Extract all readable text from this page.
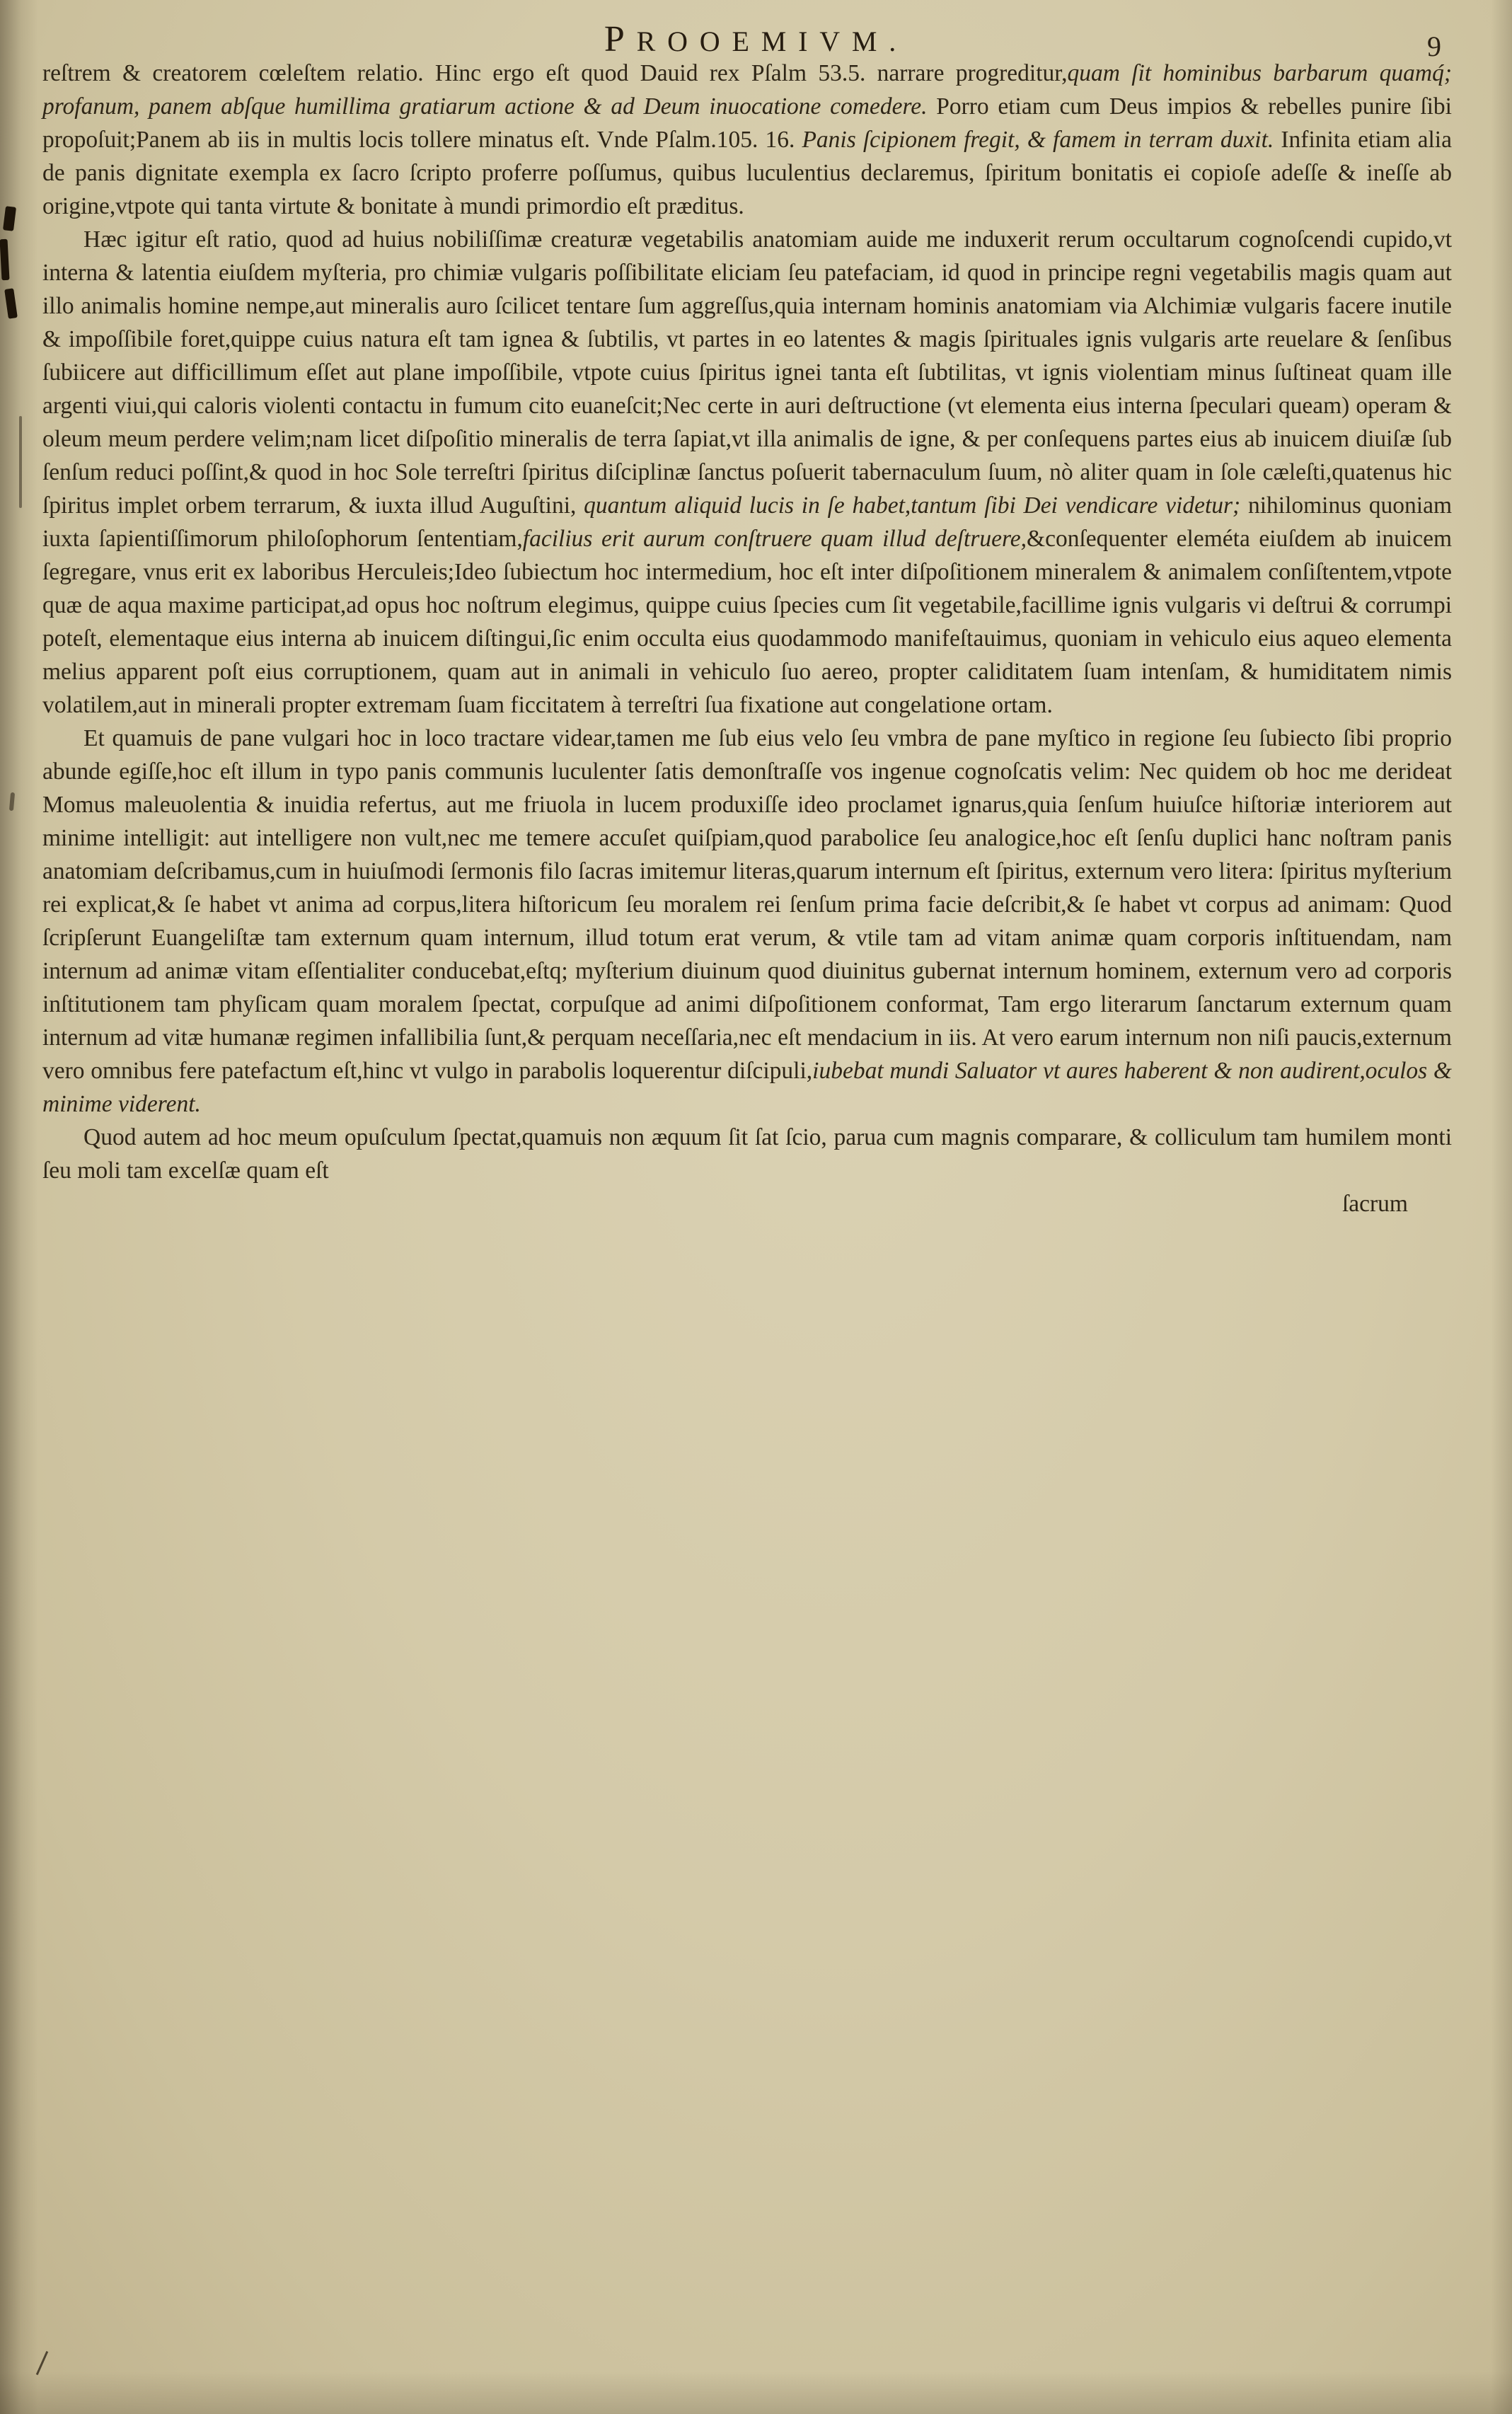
PROOEMIVM.	9

reſtrem & creatorem cœleſtem relatio. Hinc ergo eſt quod Dauid rex Pſalm 53.5. narrare progreditur,quam ſit hominibus barbarum quamq́; profanum, panem abſque humillima gratiarum actione & ad Deum inuocatione comedere. Porro etiam cum Deus impios & rebelles punire ſibi propoſuit;Panem ab iis in multis locis tollere minatus eſt. Vnde Pſalm.105. 16. Panis ſcipionem fregit, & famem in terram duxit. Infinita etiam alia de panis dignitate exempla ex ſacro ſcripto proferre poſſumus, quibus luculentius declaremus, ſpiritum bonitatis ei copioſe adeſſe & ineſſe ab origine,vtpote qui tanta virtute & bonitate à mundi primordio eſt præditus.

Hæc igitur eſt ratio, quod ad huius nobiliſſimæ creaturæ vegetabilis anatomiam auide me induxerit rerum occultarum cognoſcendi cupido,vt interna & latentia eiuſdem myſteria, pro chimiæ vulgaris poſſibilitate eliciam ſeu patefaciam, id quod in principe regni vegetabilis magis quam aut illo animalis homine nempe,aut mineralis auro ſcilicet tentare ſum aggreſſus,quia internam hominis anatomiam via Alchimiæ vulgaris facere inutile & impoſſibile foret,quippe cuius natura eſt tam ignea & ſubtilis, vt partes in eo latentes & magis ſpirituales ignis vulgaris arte reuelare & ſenſibus ſubiicere aut difficillimum eſſet aut plane impoſſibile, vtpote cuius ſpiritus ignei tanta eſt ſubtilitas, vt ignis violentiam minus ſuſtineat quam ille argenti viui,qui caloris violenti contactu in fumum cito euaneſcit;Nec certe in auri deſtructione (vt elementa eius interna ſpeculari queam) operam & oleum meum perdere velim;nam licet diſpoſitio mineralis de terra ſapiat,vt illa animalis de igne, & per conſequens partes eius ab inuicem diuiſæ ſub ſenſum reduci poſſint,& quod in hoc Sole terreſtri ſpiritus diſciplinæ ſanctus poſuerit tabernaculum ſuum, nò aliter quam in ſole cæleſti,quatenus hic ſpiritus implet orbem terrarum, & iuxta illud Auguſtini, quantum aliquid lucis in ſe habet,tantum ſibi Dei vendicare videtur; nihilominus quoniam iuxta ſapientiſſimorum philoſophorum ſententiam,facilius erit aurum conſtruere quam illud deſtruere,&conſequenter eleméta eiuſdem ab inuicem ſegregare, vnus erit ex laboribus Herculeis;Ideo ſubiectum hoc intermedium, hoc eſt inter diſpoſitionem mineralem & animalem conſiſtentem,vtpote quæ de aqua maxime participat,ad opus hoc noſtrum elegimus, quippe cuius ſpecies cum ſit vegetabile,facillime ignis vulgaris vi deſtrui & corrumpi poteſt, elementaque eius interna ab inuicem diſtingui,ſic enim occulta eius quodammodo manifeſtauimus, quoniam in vehiculo eius aqueo elementa melius apparent poſt eius corruptionem, quam aut in animali in vehiculo ſuo aereo, propter caliditatem ſuam intenſam, & humiditatem nimis volatilem,aut in minerali propter extremam ſuam ficcitatem à terreſtri ſua fixatione aut congelatione ortam.

Et quamuis de pane vulgari hoc in loco tractare videar,tamen me ſub eius velo ſeu vmbra de pane myſtico in regione ſeu ſubiecto ſibi proprio abunde egiſſe,hoc eſt illum in typo panis communis luculenter ſatis demonſtraſſe vos ingenue cognoſcatis velim: Nec quidem ob hoc me derideat Momus maleuolentia & inuidia refertus, aut me friuola in lucem produxiſſe ideo proclamet ignarus,quia ſenſum huiuſce hiſtoriæ interiorem aut minime intelligit: aut intelligere non vult,nec me temere accuſet quiſpiam,quod parabolice ſeu analogice,hoc eſt ſenſu duplici hanc noſtram panis anatomiam deſcribamus,cum in huiuſmodi ſermonis filo ſacras imitemur literas,quarum internum eſt ſpiritus, externum vero litera: ſpiritus myſterium rei explicat,& ſe habet vt anima ad corpus,litera hiſtoricum ſeu moralem rei ſenſum prima facie deſcribit,& ſe habet vt corpus ad animam: Quod ſcripſerunt Euangeliſtæ tam externum quam internum, illud totum erat verum, & vtile tam ad vitam animæ quam corporis inſtituendam, nam internum ad animæ vitam eſſentialiter conducebat,eſtq; myſterium diuinum quod diuinitus gubernat internum hominem, externum vero ad corporis inſtitutionem tam phyſicam quam moralem ſpectat, corpuſque ad animi diſpoſitionem conformat, Tam ergo literarum ſanctarum externum quam internum ad vitæ humanæ regimen infallibilia ſunt,& perquam neceſſaria,nec eſt mendacium in iis. At vero earum internum non niſi paucis,externum vero omnibus fere patefactum eſt,hinc vt vulgo in parabolis loquerentur diſcipuli,iubebat mundi Saluator vt aures haberent & non audirent,oculos & minime viderent.

Quod autem ad hoc meum opuſculum ſpectat,quamuis non æquum ſit ſat ſcio, parua cum magnis comparare, & colliculum tam humilem monti ſeu moli tam excelſæ quam eſt

ſacrum
